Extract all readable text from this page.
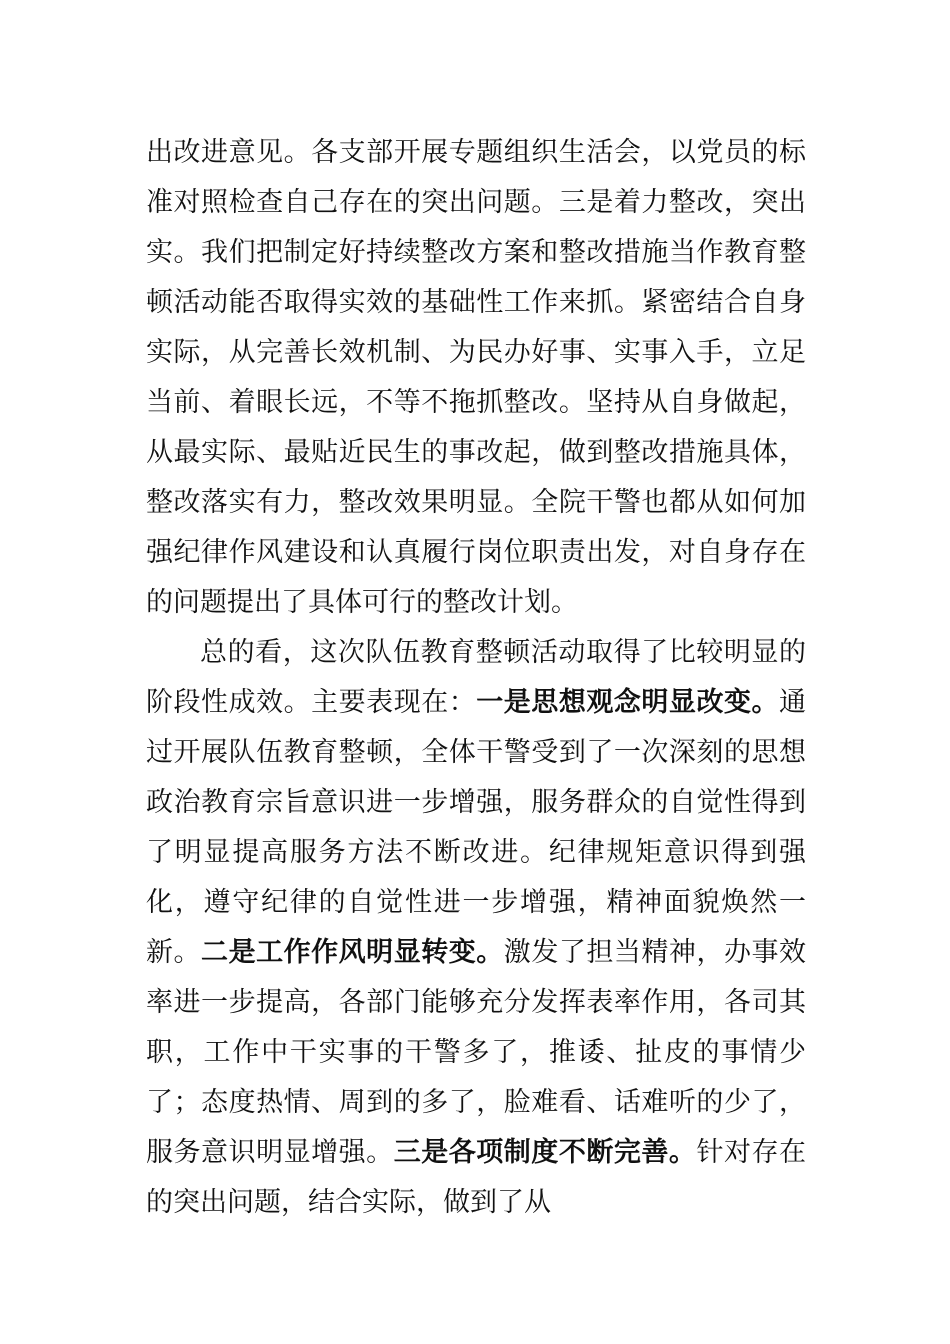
出改进意见。各支部开展专题组织生活会，以党员的标准对照检查自己存在的突出问题。三是着力整改，突出实。我们把制定好持续整改方案和整改措施当作教育整顿活动能否取得实效的基础性工作来抓。紧密结合自身实际，从完善长效机制、为民办好事、实事入手，立足当前、着眼长远，不等不拖抓整改。坚持从自身做起，从最实际、最贴近民生的事改起，做到整改措施具体，整改落实有力，整改效果明显。全院干警也都从如何加强纪律作风建设和认真履行岗位职责出发，对自身存在的问题提出了具体可行的整改计划。

总的看，这次队伍教育整顿活动取得了比较明显的阶段性成效。主要表现在：一是思想观念明显改变。通过开展队伍教育整顿，全体干警受到了一次深刻的思想政治教育宗旨意识进一步增强，服务群众的自觉性得到了明显提高服务方法不断改进。纪律规矩意识得到强化，遵守纪律的自觉性进一步增强，精神面貌焕然一新。二是工作作风明显转变。激发了担当精神，办事效率进一步提高，各部门能够充分发挥表率作用，各司其职，工作中干实事的干警多了，推诿、扯皮的事情少了；态度热情、周到的多了，脸难看、话难听的少了，服务意识明显增强。三是各项制度不断完善。针对存在的突出问题，结合实际，做到了从
